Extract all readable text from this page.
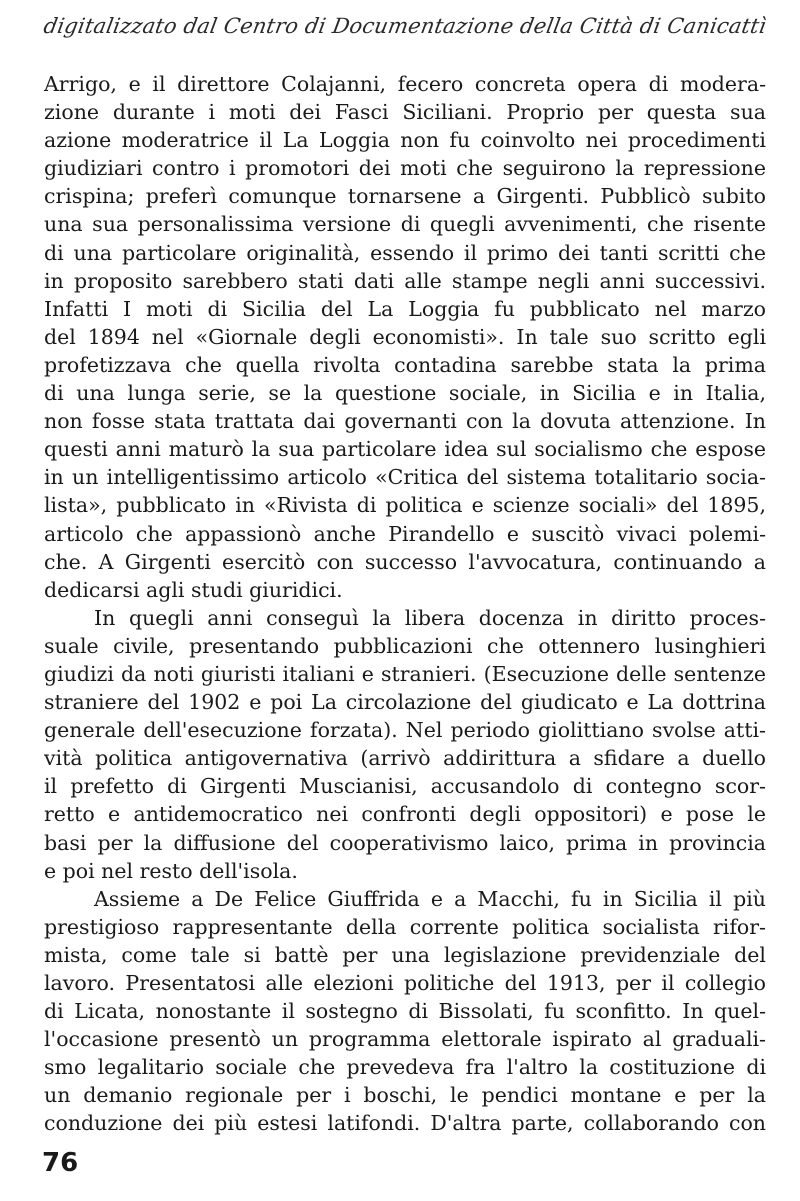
digitalizzato dal Centro di Documentazione della Città di Canicattì
Arrigo, e il direttore Colajanni, fecero concreta opera di modera-
zione durante i moti dei Fasci Siciliani. Proprio per questa sua
azione moderatrice il La Loggia non fu coinvolto nei procedimenti
giudiziari contro i promotori dei moti che seguirono la repressione
crispina; preferì comunque tornarsene a Girgenti. Pubblicò subito
una sua personalissima versione di quegli avvenimenti, che risente
di una particolare originalità, essendo il primo dei tanti scritti che
in proposito sarebbero stati dati alle stampe negli anni successivi.
Infatti I moti di Sicilia del La Loggia fu pubblicato nel marzo
del 1894 nel «Giornale degli economisti». In tale suo scritto egli
profetizzava che quella rivolta contadina sarebbe stata la prima
di una lunga serie, se la questione sociale, in Sicilia e in Italia,
non fosse stata trattata dai governanti con la dovuta attenzione. In
questi anni maturò la sua particolare idea sul socialismo che espose
in un intelligentissimo articolo «Critica del sistema totalitario socia-
lista», pubblicato in «Rivista di politica e scienze sociali» del 1895,
articolo che appassionò anche Pirandello e suscitò vivaci polemi-
che. A Girgenti esercitò con successo l'avvocatura, continuando a
dedicarsi agli studi giuridici.
In quegli anni conseguì la libera docenza in diritto proces-
suale civile, presentando pubblicazioni che ottennero lusinghieri
giudizi da noti giuristi italiani e stranieri. (Esecuzione delle sentenze
straniere del 1902 e poi La circolazione del giudicato e La dottrina
generale dell'esecuzione forzata). Nel periodo giolittiano svolse atti-
vità politica antigovernativa (arrivò addirittura a sfidare a duello
il prefetto di Girgenti Muscianisi, accusandolo di contegno scor-
retto e antidemocratico nei confronti degli oppositori) e pose le
basi per la diffusione del cooperativismo laico, prima in provincia
e poi nel resto dell'isola.
Assieme a De Felice Giuffrida e a Macchi, fu in Sicilia il più
prestigioso rappresentante della corrente politica socialista rifor-
mista, come tale si battè per una legislazione previdenziale del
lavoro. Presentatosi alle elezioni politiche del 1913, per il collegio
di Licata, nonostante il sostegno di Bissolati, fu sconfitto. In quel-
l'occasione presentò un programma elettorale ispirato al graduali-
smo legalitario sociale che prevedeva fra l'altro la costituzione di
un demanio regionale per i boschi, le pendici montane e per la
conduzione dei più estesi latifondi. D'altra parte, collaborando con
76
